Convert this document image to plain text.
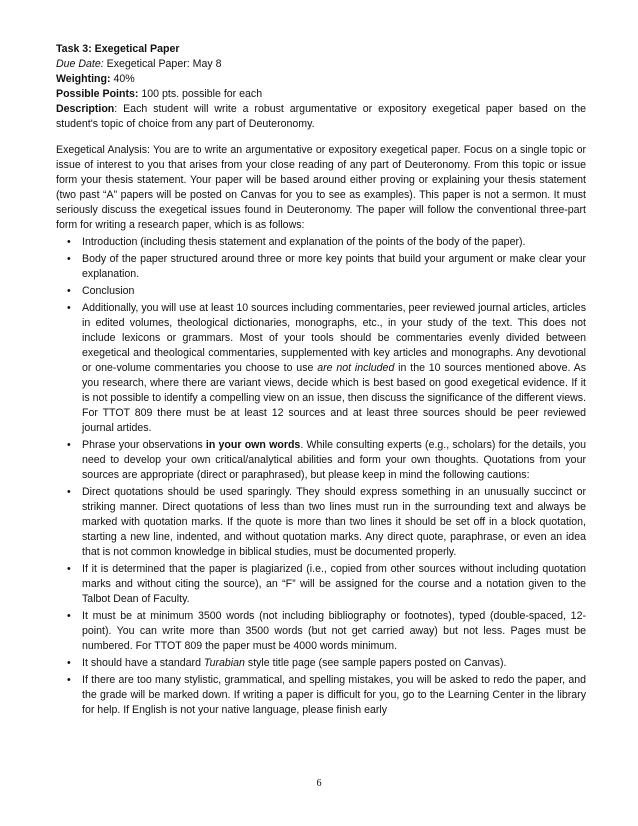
Task 3: Exegetical Paper
Due Date: Exegetical Paper: May 8
Weighting: 40%
Possible Points: 100 pts. possible for each

Description: Each student will write a robust argumentative or expository exegetical paper based on the student's topic of choice from any part of Deuteronomy.

Exegetical Analysis: You are to write an argumentative or expository exegetical paper. Focus on a single topic or issue of interest to you that arises from your close reading of any part of Deuteronomy. From this topic or issue form your thesis statement. Your paper will be based around either proving or explaining your thesis statement (two past “A” papers will be posted on Canvas for you to see as examples). This paper is not a sermon. It must seriously discuss the exegetical issues found in Deuteronomy. The paper will follow the conventional three-part form for writing a research paper, which is as follows:

• Introduction (including thesis statement and explanation of the points of the body of the paper).
• Body of the paper structured around three or more key points that build your argument or make clear your explanation.
• Conclusion
• Additionally, you will use at least 10 sources including commentaries, peer reviewed journal articles, articles in edited volumes, theological dictionaries, monographs, etc., in your study of the text. This does not include lexicons or grammars. Most of your tools should be commentaries evenly divided between exegetical and theological commentaries, supplemented with key articles and monographs. Any devotional or one-volume commentaries you choose to use are not included in the 10 sources mentioned above. As you research, where there are variant views, decide which is best based on good exegetical evidence. If it is not possible to identify a compelling view on an issue, then discuss the significance of the different views. For TTOT 809 there must be at least 12 sources and at least three sources should be peer reviewed journal artides.
• Phrase your observations in your own words. While consulting experts (e.g., scholars) for the details, you need to develop your own critical/analytical abilities and form your own thoughts. Quotations from your sources are appropriate (direct or paraphrased), but please keep in mind the following cautions:
• Direct quotations should be used sparingly. They should express something in an unusually succinct or striking manner. Direct quotations of less than two lines must run in the surrounding text and always be marked with quotation marks. If the quote is more than two lines it should be set off in a block quotation, starting a new line, indented, and without quotation marks. Any direct quote, paraphrase, or even an idea that is not common knowledge in biblical studies, must be documented properly.
• If it is determined that the paper is plagiarized (i.e., copied from other sources without including quotation marks and without citing the source), an “F” will be assigned for the course and a notation given to the Talbot Dean of Faculty.
• It must be at minimum 3500 words (not including bibliography or footnotes), typed (double-spaced, 12-point). You can write more than 3500 words (but not get carried away) but not less. Pages must be numbered. For TTOT 809 the paper must be 4000 words minimum.
• It should have a standard Turabian style title page (see sample papers posted on Canvas).
• If there are too many stylistic, grammatical, and spelling mistakes, you will be asked to redo the paper, and the grade will be marked down. If writing a paper is difficult for you, go to the Learning Center in the library for help. If English is not your native language, please finish early
6
